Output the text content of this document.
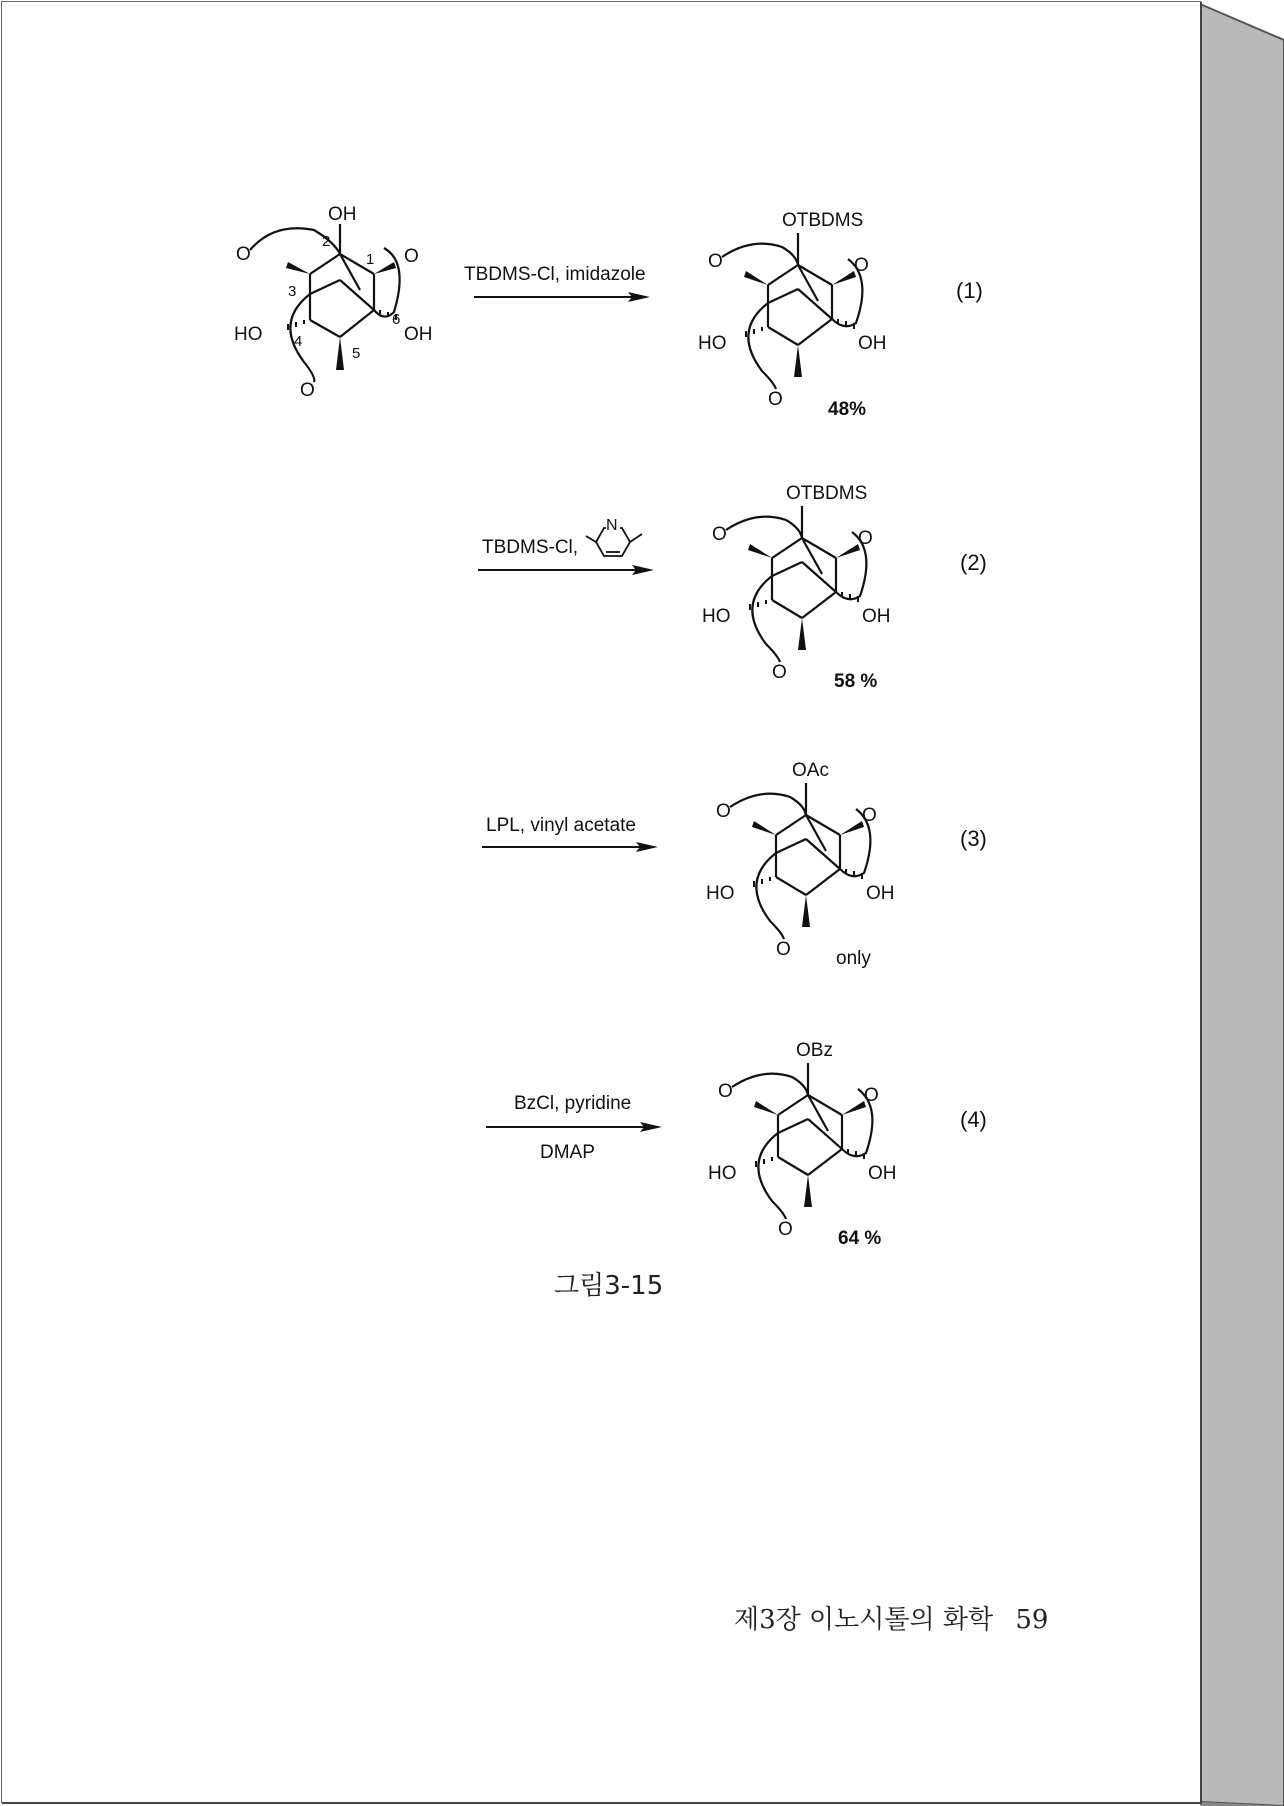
OH
O	O
O
HO	OH
1
2
3
4
5
6
TBDMS-Cl, imidazole
O	O
O
HO	OH
OTBDMS
48%
(1)
TBDMS-Cl,
N	O	O
O
HO	OH
OTBDMS
58 %
(2)
LPL, vinyl acetate
O	O
O
HO	OH
OAc
only
(3)
BzCl, pyridine
DMAP
O	O
O
HO	OH
OBz
64 %
(4)
그림3-15
제3장 이노시톨의 화학 59
